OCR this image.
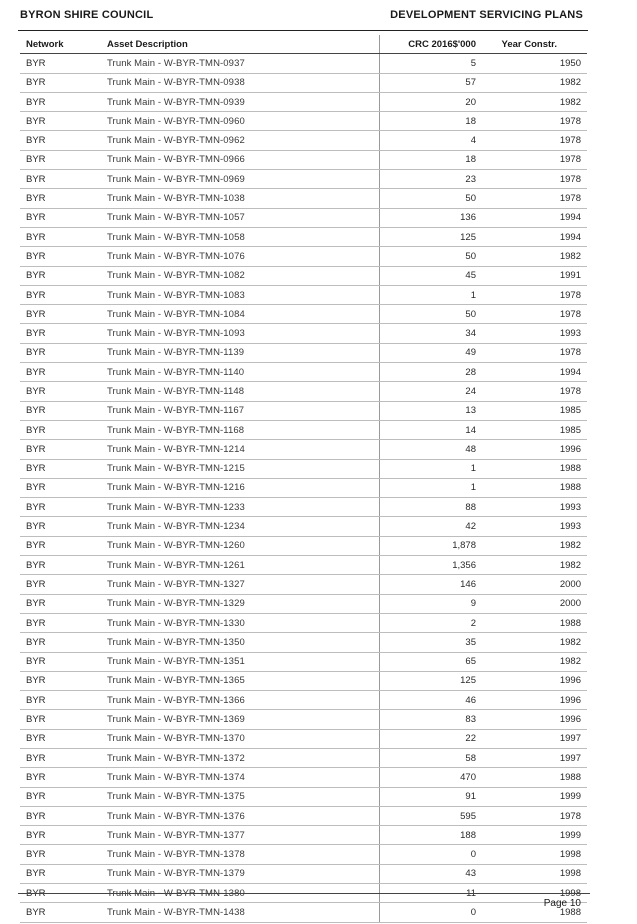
BYRON SHIRE COUNCIL	DEVELOPMENT SERVICING PLANS
Network	Asset Description	CRC 2016$'000	Year Constr.
BYR	Trunk Main - W-BYR-TMN-0937	5	1950
BYR	Trunk Main - W-BYR-TMN-0938	57	1982
BYR	Trunk Main - W-BYR-TMN-0939	20	1982
BYR	Trunk Main - W-BYR-TMN-0960	18	1978
BYR	Trunk Main - W-BYR-TMN-0962	4	1978
BYR	Trunk Main - W-BYR-TMN-0966	18	1978
BYR	Trunk Main - W-BYR-TMN-0969	23	1978
BYR	Trunk Main - W-BYR-TMN-1038	50	1978
BYR	Trunk Main - W-BYR-TMN-1057	136	1994
BYR	Trunk Main - W-BYR-TMN-1058	125	1994
BYR	Trunk Main - W-BYR-TMN-1076	50	1982
BYR	Trunk Main - W-BYR-TMN-1082	45	1991
BYR	Trunk Main - W-BYR-TMN-1083	1	1978
BYR	Trunk Main - W-BYR-TMN-1084	50	1978
BYR	Trunk Main - W-BYR-TMN-1093	34	1993
BYR	Trunk Main - W-BYR-TMN-1139	49	1978
BYR	Trunk Main - W-BYR-TMN-1140	28	1994
BYR	Trunk Main - W-BYR-TMN-1148	24	1978
BYR	Trunk Main - W-BYR-TMN-1167	13	1985
BYR	Trunk Main - W-BYR-TMN-1168	14	1985
BYR	Trunk Main - W-BYR-TMN-1214	48	1996
BYR	Trunk Main - W-BYR-TMN-1215	1	1988
BYR	Trunk Main - W-BYR-TMN-1216	1	1988
BYR	Trunk Main - W-BYR-TMN-1233	88	1993
BYR	Trunk Main - W-BYR-TMN-1234	42	1993
BYR	Trunk Main - W-BYR-TMN-1260	1,878	1982
BYR	Trunk Main - W-BYR-TMN-1261	1,356	1982
BYR	Trunk Main - W-BYR-TMN-1327	146	2000
BYR	Trunk Main - W-BYR-TMN-1329	9	2000
BYR	Trunk Main - W-BYR-TMN-1330	2	1988
BYR	Trunk Main - W-BYR-TMN-1350	35	1982
BYR	Trunk Main - W-BYR-TMN-1351	65	1982
BYR	Trunk Main - W-BYR-TMN-1365	125	1996
BYR	Trunk Main - W-BYR-TMN-1366	46	1996
BYR	Trunk Main - W-BYR-TMN-1369	83	1996
BYR	Trunk Main - W-BYR-TMN-1370	22	1997
BYR	Trunk Main - W-BYR-TMN-1372	58	1997
BYR	Trunk Main - W-BYR-TMN-1374	470	1988
BYR	Trunk Main - W-BYR-TMN-1375	91	1999
BYR	Trunk Main - W-BYR-TMN-1376	595	1978
BYR	Trunk Main - W-BYR-TMN-1377	188	1999
BYR	Trunk Main - W-BYR-TMN-1378	0	1998
BYR	Trunk Main - W-BYR-TMN-1379	43	1998
BYR	Trunk Main - W-BYR-TMN-1380	11	1998
BYR	Trunk Main - W-BYR-TMN-1438	0	1988
Page 10
